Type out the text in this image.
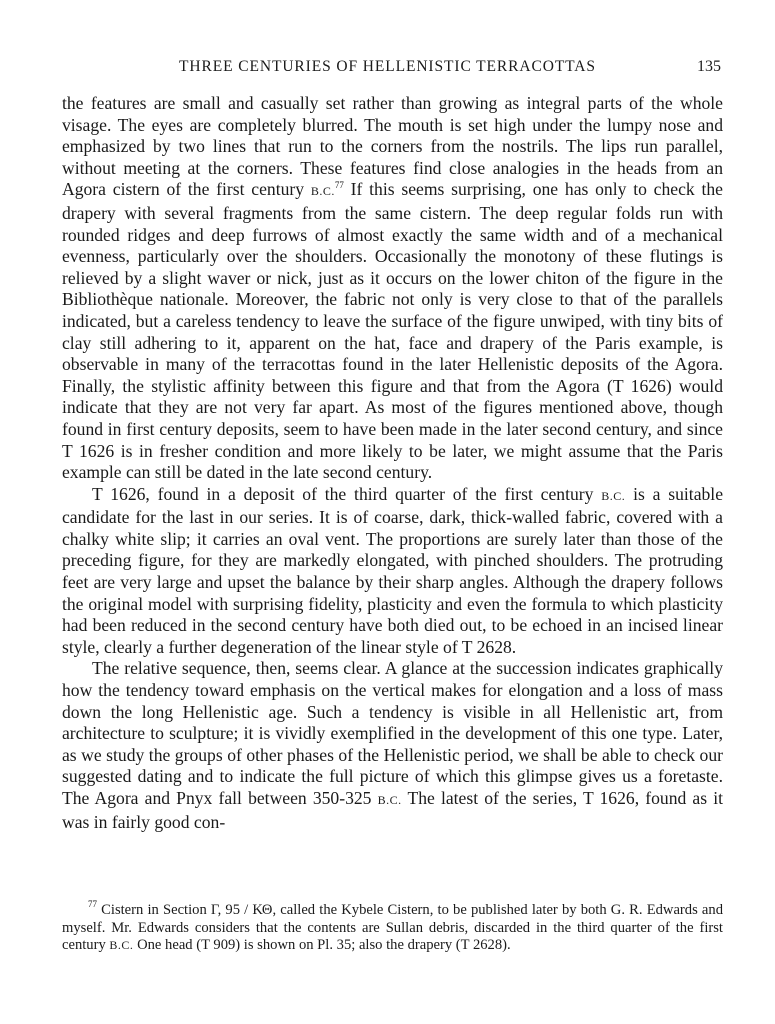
THREE CENTURIES OF HELLENISTIC TERRACOTTAS	135

the features are small and casually set rather than growing as integral parts of the whole visage. The eyes are completely blurred. The mouth is set high under the lumpy nose and emphasized by two lines that run to the corners from the nostrils. The lips run parallel, without meeting at the corners. These features find close analogies in the heads from an Agora cistern of the first century B.C.$^{77}$ If this seems surprising, one has only to check the drapery with several fragments from the same cistern. The deep regular folds run with rounded ridges and deep furrows of almost exactly the same width and of a mechanical evenness, particularly over the shoulders. Occasionally the monotony of these flutings is relieved by a slight waver or nick, just as it occurs on the lower chiton of the figure in the Bibliothèque nationale. Moreover, the fabric not only is very close to that of the parallels indicated, but a careless tendency to leave the surface of the figure unwiped, with tiny bits of clay still adhering to it, apparent on the hat, face and drapery of the Paris example, is observable in many of the terracottas found in the later Hellenistic deposits of the Agora. Finally, the stylistic affinity between this figure and that from the Agora (T 1626) would indicate that they are not very far apart. As most of the figures mentioned above, though found in first century deposits, seem to have been made in the later second century, and since T 1626 is in fresher condition and more likely to be later, we might assume that the Paris example can still be dated in the late second century.

T 1626, found in a deposit of the third quarter of the first century B.C. is a suitable candidate for the last in our series. It is of coarse, dark, thick-walled fabric, covered with a chalky white slip; it carries an oval vent. The proportions are surely later than those of the preceding figure, for they are markedly elongated, with pinched shoulders. The protruding feet are very large and upset the balance by their sharp angles. Although the drapery follows the original model with surprising fidelity, plasticity and even the formula to which plasticity had been reduced in the second century have both died out, to be echoed in an incised linear style, clearly a further degeneration of the linear style of T 2628.

The relative sequence, then, seems clear. A glance at the succession indicates graphically how the tendency toward emphasis on the vertical makes for elongation and a loss of mass down the long Hellenistic age. Such a tendency is visible in all Hellenistic art, from architecture to sculpture; it is vividly exemplified in the development of this one type. Later, as we study the groups of other phases of the Hellenistic period, we shall be able to check our suggested dating and to indicate the full picture of which this glimpse gives us a foretaste. The Agora and Pnyx fall between 350-325 B.C. The latest of the series, T 1626, found as it was in fairly good con-

$^{77}$ Cistern in Section Γ, 95 / ΚΘ, called the Kybele Cistern, to be published later by both G. R. Edwards and myself. Mr. Edwards considers that the contents are Sullan debris, discarded in the third quarter of the first century B.C. One head (T 909) is shown on Pl. 35; also the drapery (T 2628).
